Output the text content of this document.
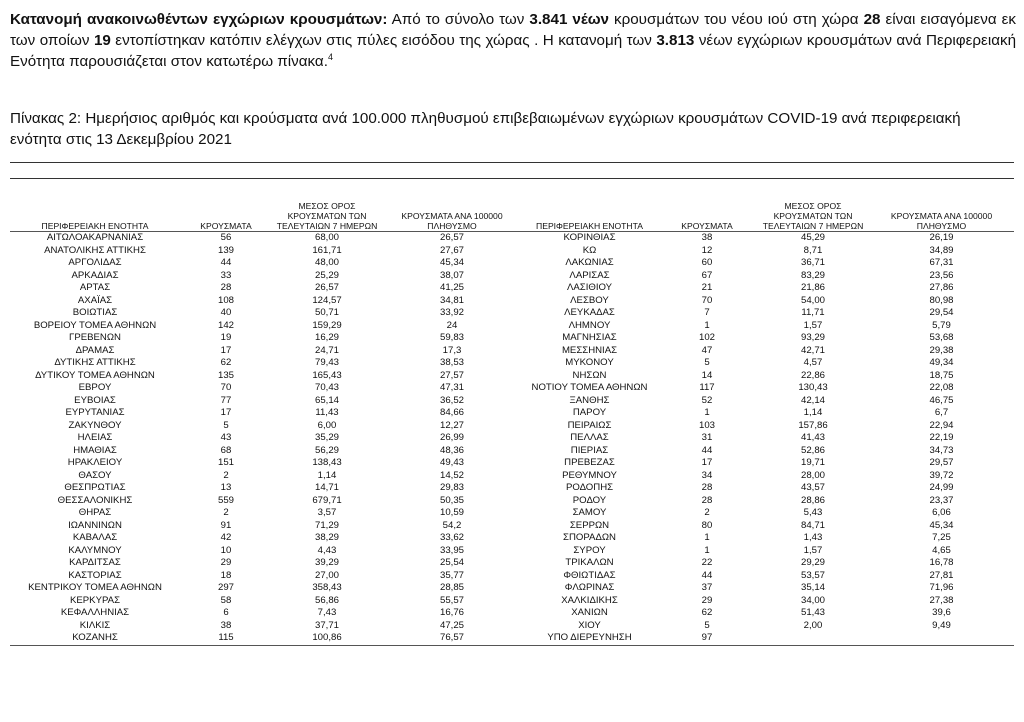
Κατανομή ανακοινωθέντων εγχώριων κρουσμάτων: Από το σύνολο των 3.841 νέων κρουσμάτων του νέου ιού στη χώρα 28 είναι εισαγόμενα εκ των οποίων 19 εντοπίστηκαν κατόπιν ελέγχων στις πύλες εισόδου της χώρας . Η κατανομή των 3.813 νέων εγχώριων κρουσμάτων ανά Περιφερειακή Ενότητα παρουσιάζεται στον κατωτέρω πίνακα.$^4$
Πίνακας 2: Ημερήσιος αριθμός και κρούσματα ανά 100.000 πληθυσμού επιβεβαιωμένων εγχώριων κρουσμάτων COVID-19 ανά περιφερειακή ενότητα στις 13 Δεκεμβρίου 2021
ΠΕΡΙΦΕΡΕΙΑΚΗ ΕΝΟΤΗΤΑ	ΚΡΟΥΣΜΑΤΑ	ΜΕΣΟΣ ΟΡΟΣ ΚΡΟΥΣΜΑΤΩΝ ΤΩΝ ΤΕΛΕΥΤΑΙΩΝ 7 ΗΜΕΡΩΝ	ΚΡΟΥΣΜΑΤΑ ΑΝΑ 100000 ΠΛΗΘΥΣΜΟ	ΠΕΡΙΦΕΡΕΙΑΚΗ ΕΝΟΤΗΤΑ	ΚΡΟΥΣΜΑΤΑ	ΜΕΣΟΣ ΟΡΟΣ ΚΡΟΥΣΜΑΤΩΝ ΤΩΝ ΤΕΛΕΥΤΑΙΩΝ 7 ΗΜΕΡΩΝ	ΚΡΟΥΣΜΑΤΑ ΑΝΑ 100000 ΠΛΗΘΥΣΜΟ
ΑΙΤΩΛΟΑΚΑΡΝΑΝΙΑΣ	56	68,00	26,57	ΚΟΡΙΝΘΙΑΣ	38	45,29	26,19
ΑΝΑΤΟΛΙΚΗΣ ΑΤΤΙΚΗΣ	139	161,71	27,67	ΚΩ	12	8,71	34,89
ΑΡΓΟΛΙΔΑΣ	44	48,00	45,34	ΛΑΚΩΝΙΑΣ	60	36,71	67,31
ΑΡΚΑΔΙΑΣ	33	25,29	38,07	ΛΑΡΙΣΑΣ	67	83,29	23,56
ΑΡΤΑΣ	28	26,57	41,25	ΛΑΣΙΘΙΟΥ	21	21,86	27,86
ΑΧΑΪΑΣ	108	124,57	34,81	ΛΕΣΒΟΥ	70	54,00	80,98
ΒΟΙΩΤΙΑΣ	40	50,71	33,92	ΛΕΥΚΑΔΑΣ	7	11,71	29,54
ΒΟΡΕΙΟΥ ΤΟΜΕΑ ΑΘΗΝΩΝ	142	159,29	24	ΛΗΜΝΟΥ	1	1,57	5,79
ΓΡΕΒΕΝΩΝ	19	16,29	59,83	ΜΑΓΝΗΣΙΑΣ	102	93,29	53,68
ΔΡΑΜΑΣ	17	24,71	17,3	ΜΕΣΣΗΝΙΑΣ	47	42,71	29,38
ΔΥΤΙΚΗΣ ΑΤΤΙΚΗΣ	62	79,43	38,53	ΜΥΚΟΝΟΥ	5	4,57	49,34
ΔΥΤΙΚΟΥ ΤΟΜΕΑ ΑΘΗΝΩΝ	135	165,43	27,57	ΝΗΣΩΝ	14	22,86	18,75
ΕΒΡΟΥ	70	70,43	47,31	ΝΟΤΙΟΥ ΤΟΜΕΑ ΑΘΗΝΩΝ	117	130,43	22,08
ΕΥΒΟΙΑΣ	77	65,14	36,52	ΞΑΝΘΗΣ	52	42,14	46,75
ΕΥΡΥΤΑΝΙΑΣ	17	11,43	84,66	ΠΑΡΟΥ	1	1,14	6,7
ΖΑΚΥΝΘΟΥ	5	6,00	12,27	ΠΕΙΡΑΙΩΣ	103	157,86	22,94
ΗΛΕΙΑΣ	43	35,29	26,99	ΠΕΛΛΑΣ	31	41,43	22,19
ΗΜΑΘΙΑΣ	68	56,29	48,36	ΠΙΕΡΙΑΣ	44	52,86	34,73
ΗΡΑΚΛΕΙΟΥ	151	138,43	49,43	ΠΡΕΒΕΖΑΣ	17	19,71	29,57
ΘΑΣΟΥ	2	1,14	14,52	ΡΕΘΥΜΝΟΥ	34	28,00	39,72
ΘΕΣΠΡΩΤΙΑΣ	13	14,71	29,83	ΡΟΔΟΠΗΣ	28	43,57	24,99
ΘΕΣΣΑΛΟΝΙΚΗΣ	559	679,71	50,35	ΡΟΔΟΥ	28	28,86	23,37
ΘΗΡΑΣ	2	3,57	10,59	ΣΑΜΟΥ	2	5,43	6,06
ΙΩΑΝΝΙΝΩΝ	91	71,29	54,2	ΣΕΡΡΩΝ	80	84,71	45,34
ΚΑΒΑΛΑΣ	42	38,29	33,62	ΣΠΟΡΑΔΩΝ	1	1,43	7,25
ΚΑΛΥΜΝΟΥ	10	4,43	33,95	ΣΥΡΟΥ	1	1,57	4,65
ΚΑΡΔΙΤΣΑΣ	29	39,29	25,54	ΤΡΙΚΑΛΩΝ	22	29,29	16,78
ΚΑΣΤΟΡΙΑΣ	18	27,00	35,77	ΦΘΙΩΤΙΔΑΣ	44	53,57	27,81
ΚΕΝΤΡΙΚΟΥ ΤΟΜΕΑ ΑΘΗΝΩΝ	297	358,43	28,85	ΦΛΩΡΙΝΑΣ	37	35,14	71,96
ΚΕΡΚΥΡΑΣ	58	56,86	55,57	ΧΑΛΚΙΔΙΚΗΣ	29	34,00	27,38
ΚΕΦΑΛΛΗΝΙΑΣ	6	7,43	16,76	ΧΑΝΙΩΝ	62	51,43	39,6
ΚΙΛΚΙΣ	38	37,71	47,25	ΧΙΟΥ	5	2,00	9,49
ΚΟΖΑΝΗΣ	115	100,86	76,57	ΥΠΟ ΔΙΕΡΕΥΝΗΣΗ	97		
